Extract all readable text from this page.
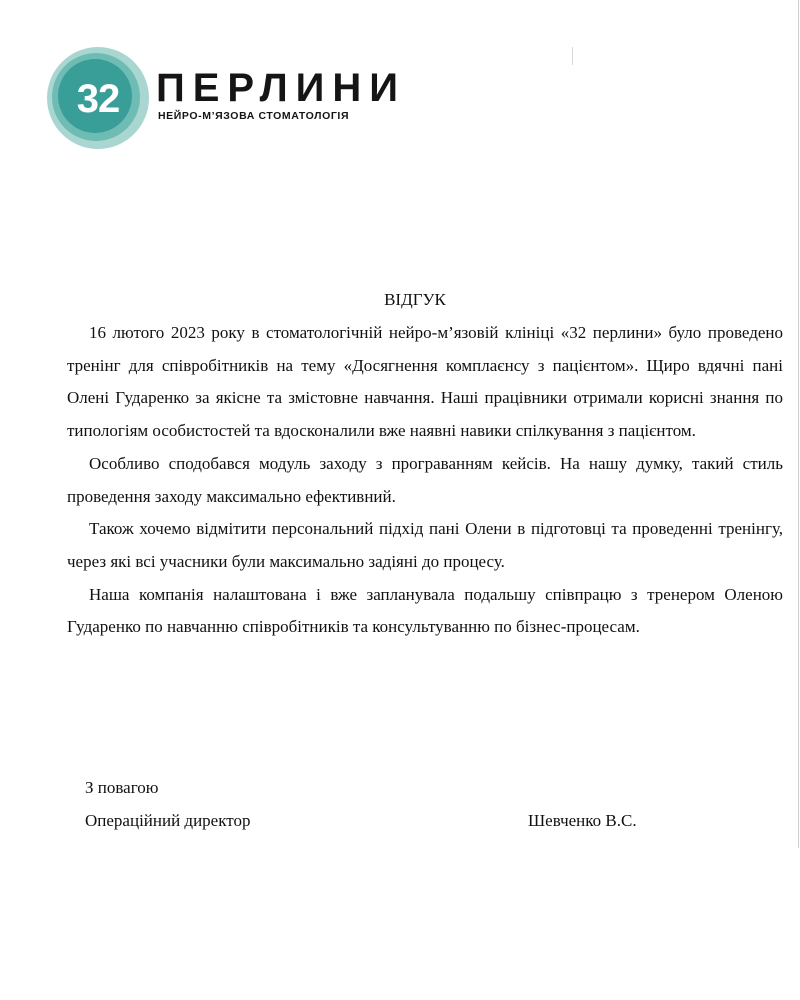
32 ПЕРЛИНИ
НЕЙРО-М’ЯЗОВА СТОМАТОЛОГІЯ
ВІДГУК

16 лютого 2023 року в стоматологічній нейро-м’язовій клініці «32 перлини» було проведено тренінг для співробітників на тему «Досягнення комплаєнсу з пацієнтом». Щиро вдячні пані Олені Гударенко за якісне та змістовне навчання. Наші працівники отримали корисні знання по типологіям особистостей та вдосконалили вже наявні навики спілкування з пацієнтом.

Особливо сподобався модуль заходу з програванням кейсів. На нашу думку, такий стиль проведення заходу максимально ефективний.

Також хочемо відмітити персональний підхід пані Олени в підготовці та проведенні тренінгу, через які всі учасники були максимально задіяні до процесу.

Наша компанія налаштована і вже запланувала подальшу співпрацю з тренером Оленою Гударенко по навчанню співробітників та консультуванню по бізнес-процесам.

З повагою
Операційний директор	Шевченко В.С.
